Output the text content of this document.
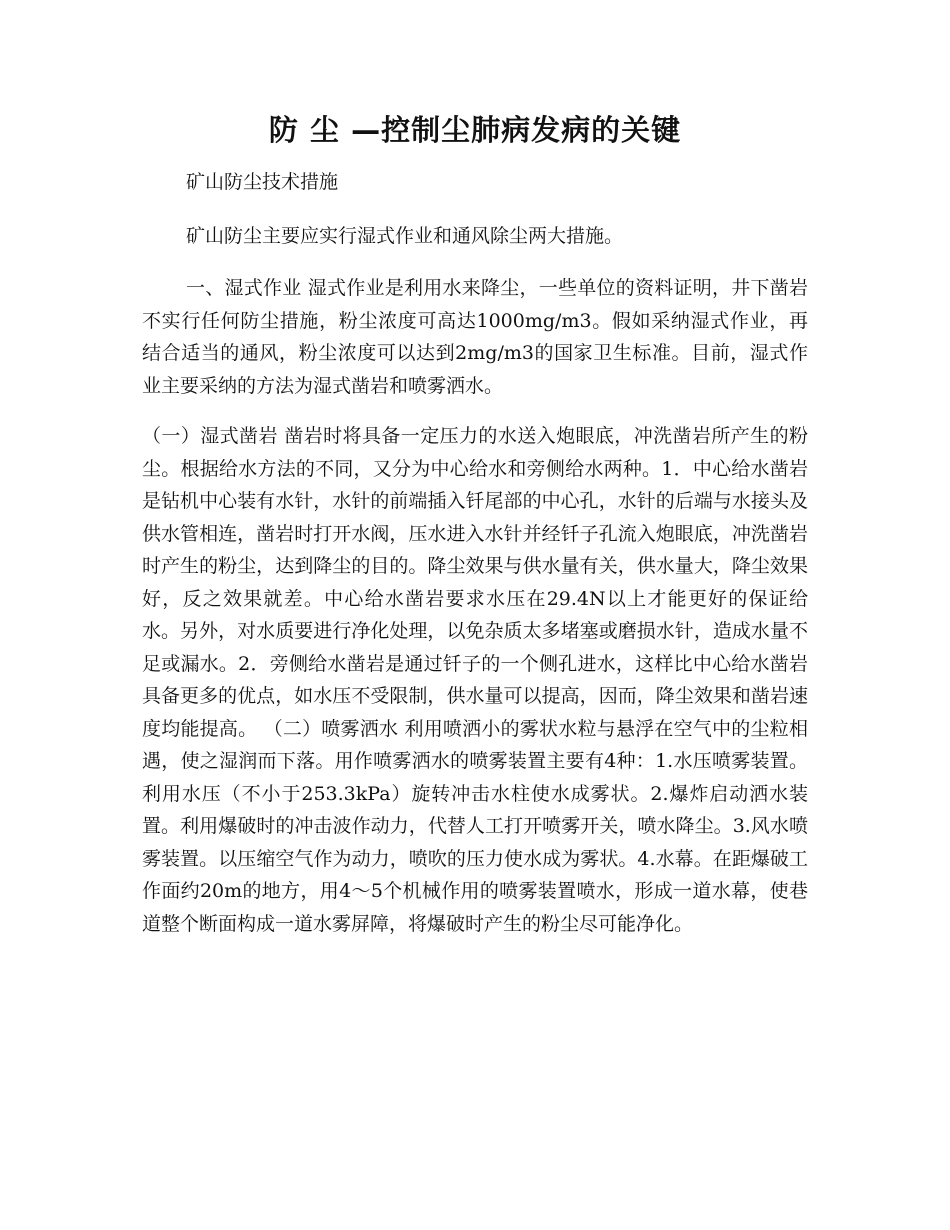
防 尘 —控制尘肺病发病的关键

矿山防尘技术措施

矿山防尘主要应实行湿式作业和通风除尘两大措施。

一、湿式作业 湿式作业是利用水来降尘，一些单位的资料证明，井下凿岩不实行任何防尘措施，粉尘浓度可高达1000mg/m3。假如采纳湿式作业，再结合适当的通风，粉尘浓度可以达到2mg/m3的国家卫生标准。目前，湿式作业主要采纳的方法为湿式凿岩和喷雾洒水。

（一）湿式凿岩 凿岩时将具备一定压力的水送入炮眼底，冲洗凿岩所产生的粉尘。根据给水方法的不同，又分为中心给水和旁侧给水两种。1．中心给水凿岩是钻机中心装有水针，水针的前端插入钎尾部的中心孔，水针的后端与水接头及供水管相连，凿岩时打开水阀，压水进入水针并经钎子孔流入炮眼底，冲洗凿岩时产生的粉尘，达到降尘的目的。降尘效果与供水量有关，供水量大，降尘效果好，反之效果就差。中心给水凿岩要求水压在29.4N以上才能更好的保证给水。另外，对水质要进行净化处理，以免杂质太多堵塞或磨损水针，造成水量不足或漏水。2．旁侧给水凿岩是通过钎子的一个侧孔进水，这样比中心给水凿岩具备更多的优点，如水压不受限制，供水量可以提高，因而，降尘效果和凿岩速度均能提高。 （二）喷雾洒水 利用喷洒小的雾状水粒与悬浮在空气中的尘粒相遇，使之湿润而下落。用作喷雾洒水的喷雾装置主要有4种：1.水压喷雾装置。利用水压（不小于253.3kPa）旋转冲击水柱使水成雾状。2.爆炸启动洒水装置。利用爆破时的冲击波作动力，代替人工打开喷雾开关，喷水降尘。3.风水喷雾装置。以压缩空气作为动力，喷吹的压力使水成为雾状。4.水幕。在距爆破工作面约20m的地方，用4～5个机械作用的喷雾装置喷水，形成一道水幕，使巷道整个断面构成一道水雾屏障，将爆破时产生的粉尘尽可能净化。
